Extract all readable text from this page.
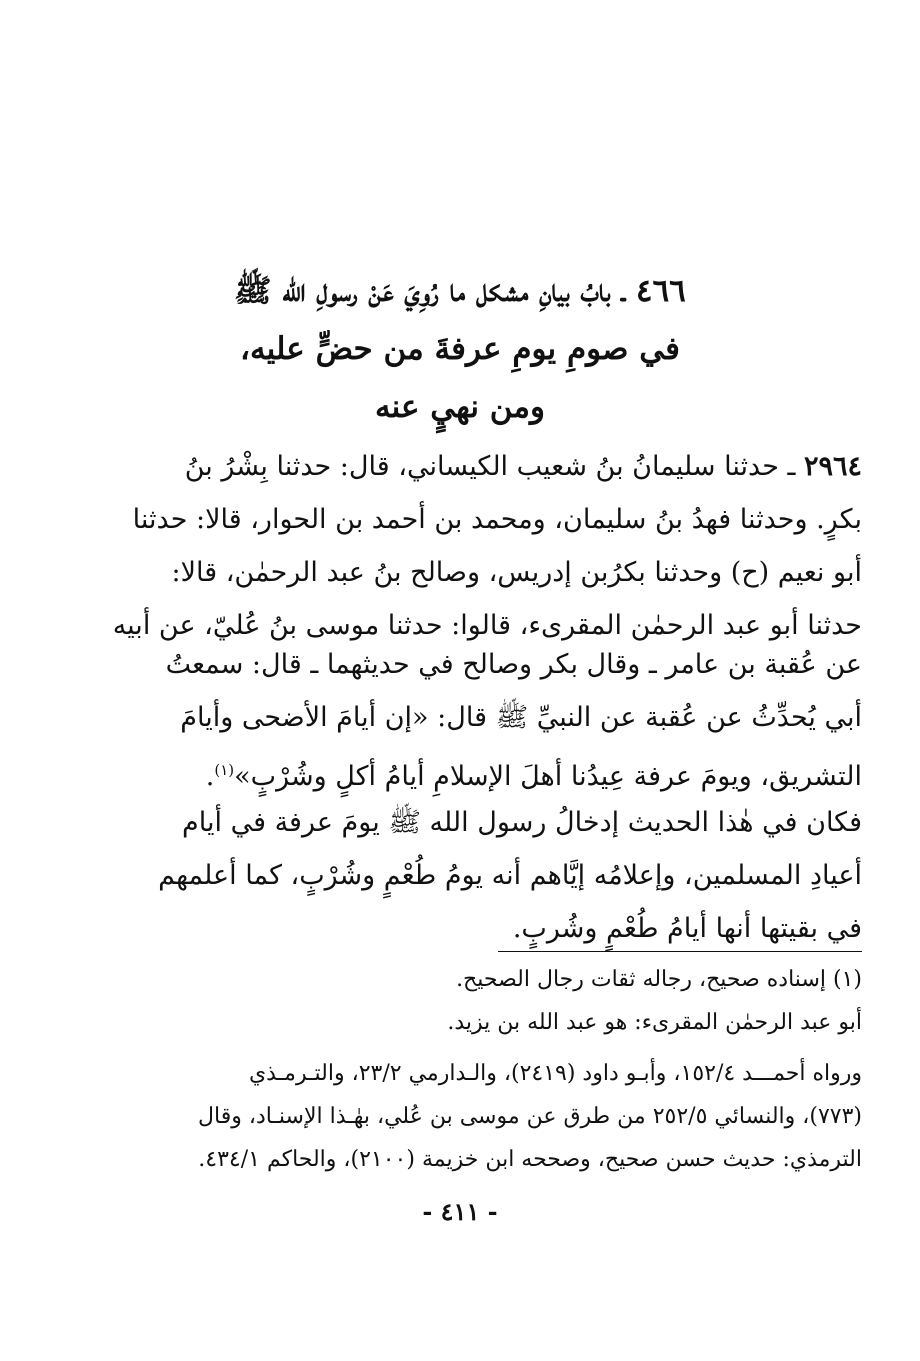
٤٦٦ ـ بابُ بيانِ مشكل ما رُوِيَ عَنْ رسولِ الله ﷺ
في صومِ يومِ عرفةَ من حضٍّ عليه،
ومن نهيٍ عنه
٢٩٦٤ ـ حدثنا سليمانُ بنُ شعيب الكيساني، قال: حدثنا بِشْرُ بنُ
بكرٍ. وحدثنا فهدُ بنُ سليمان، ومحمد بن أحمد بن الحوار، قالا: حدثنا
أبو نعيم (ح) وحدثنا بكرُبن إدريس، وصالح بنُ عبد الرحمٰن، قالا:
حدثنا أبو عبد الرحمٰن المقرىء، قالوا: حدثنا موسى بنُ عُليّ، عن أبيه
عن عُقبة بن عامر ـ وقال بكر وصالح في حديثهما ـ قال: سمعتُ
أبي يُحدِّثُ عن عُقبة عن النبيِّ ﷺ قال: «إن أيامَ الأضحى وأيامَ
التشريق، ويومَ عرفة عِيدُنا أهلَ الإسلامِ أيامُ أكلٍ وشُرْبٍ»$^{(١)}$.
فكان في هٰذا الحديث إدخالُ رسول الله ﷺ يومَ عرفة في أيام
أعيادِ المسلمين، وإعلامُه إيَّاهم أنه يومُ طُعْمٍ وشُرْبٍ، كما أعلمهم
في بقيتها أنها أيامُ طُعْمٍ وشُربٍ.
(١) إسناده صحيح، رجاله ثقات رجال الصحيح.
أبو عبد الرحمٰن المقرىء: هو عبد الله بن يزيد.
ورواه أحمـــد ١٥٢/٤، وأبـو داود (٢٤١٩)، والـدارمي ٢٣/٢، والتـرمـذي
(٧٧٣)، والنسائي ٢٥٢/٥ من طرق عن موسى بن عُلي، بهٰـذا الإسنـاد، وقال
الترمذي: حديث حسن صحيح، وصححه ابن خزيمة (٢١٠٠)، والحاكم ٤٣٤/١.
- ٤١١ -
